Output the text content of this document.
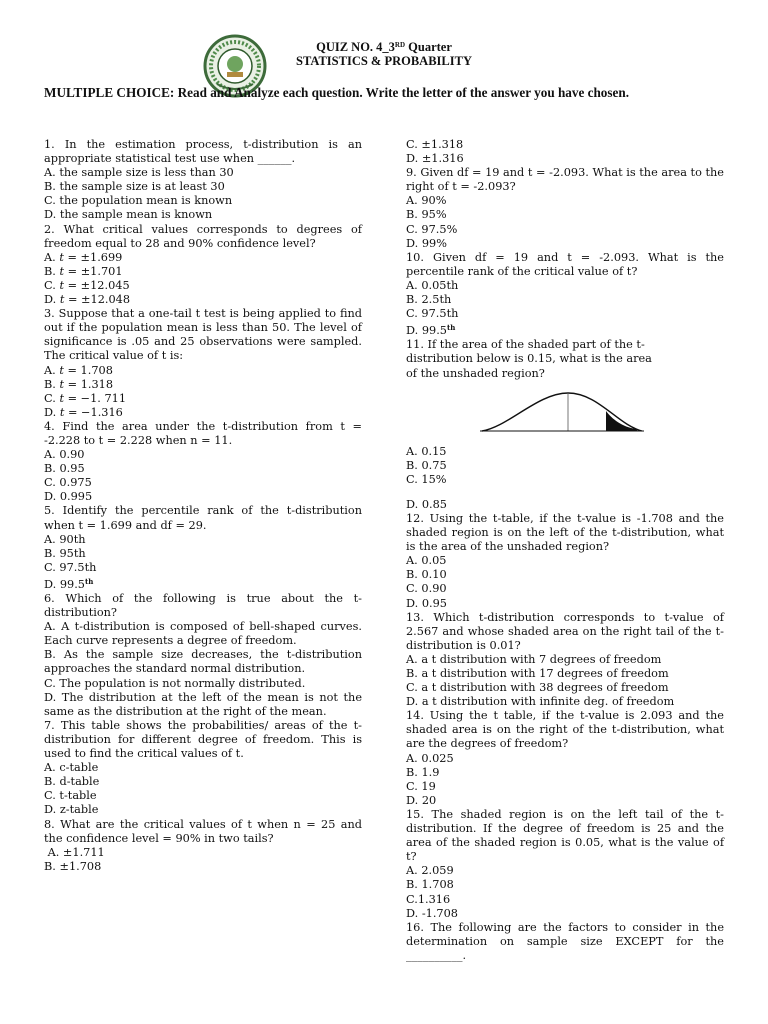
QUIZ NO. 4_3RD Quarter
STATISTICS & PROBABILITY
MULTIPLE CHOICE: Read and Analyze each question. Write the letter of the answer you have chosen.
1. In the estimation process, t-distribution is an appropriate statistical test use when ______.
A. the sample size is less than 30
B. the sample size is at least 30
C. the population mean is known
D. the sample mean is known
2. What critical values corresponds to degrees of freedom equal to 28 and 90% confidence level?
A. t = ±1.699
B. t = ±1.701
C. t = ±12.045
D. t = ±12.048
3. Suppose that a one-tail t test is being applied to find out if the population mean is less than 50. The level of significance is .05 and 25 observations were sampled. The critical value of t is:
A. t = 1.708
B. t = 1.318
C. t = −1. 711
D. t = −1.316
4. Find the area under the t-distribution from t = -2.228 to t = 2.228 when n = 11.
A. 0.90
B. 0.95
C. 0.975
D. 0.995
5. Identify the percentile rank of the t-distribution when t = 1.699 and df = 29.
A. 90th
B. 95th
C. 97.5th
D. 99.5th
6. Which of the following is true about the t-distribution?
A. A t-distribution is composed of bell-shaped curves. Each curve represents a degree of freedom.
B. As the sample size decreases, the t-distribution approaches the standard normal distribution.
C. The population is not normally distributed.
D. The distribution at the left of the mean is not the same as the distribution at the right of the mean.
7. This table shows the probabilities/ areas of the t-distribution for different degree of freedom. This is used to find the critical values of t.
A. c-table
B. d-table
C. t-table
D. z-table
8. What are the critical values of t when n = 25 and the confidence level = 90% in two tails?
A. ±1.711
B. ±1.708
C. ±1.318
D. ±1.316
9. Given df = 19 and t = -2.093. What is the area to the right of t = -2.093?
A. 90%
B. 95%
C. 97.5%
D. 99%
10. Given df = 19 and t = -2.093. What is the percentile rank of the critical value of t?
A. 0.05th
B. 2.5th
C. 97.5th
D. 99.5th
11. If the area of the shaded part of the t-
distribution below is 0.15, what is the area
of the unshaded region?
A. 0.15
B. 0.75
C. 15%
D. 0.85
12. Using the t-table, if the t-value is -1.708 and the shaded region is on the left of the t-distribution, what is the area of the unshaded region?
A. 0.05
B. 0.10
C. 0.90
D. 0.95
13. Which t-distribution corresponds to t-value of 2.567 and whose shaded area on the right tail of the t-distribution is 0.01?
A. a t distribution with 7 degrees of freedom
B. a t distribution with 17 degrees of freedom
C. a t distribution with 38 degrees of freedom
D. a t distribution with infinite deg. of freedom
14. Using the t table, if the t-value is 2.093 and the shaded area is on the right of the t-distribution, what are the degrees of freedom?
A. 0.025
B. 1.9
C. 19
D. 20
15. The shaded region is on the left tail of the t-distribution. If the degree of freedom is 25 and the area of the shaded region is 0.05, what is the value of t?
A. 2.059
B. 1.708
C.1.316
D. -1.708
16. The following are the factors to consider in the determination on sample size EXCEPT for the __________.
